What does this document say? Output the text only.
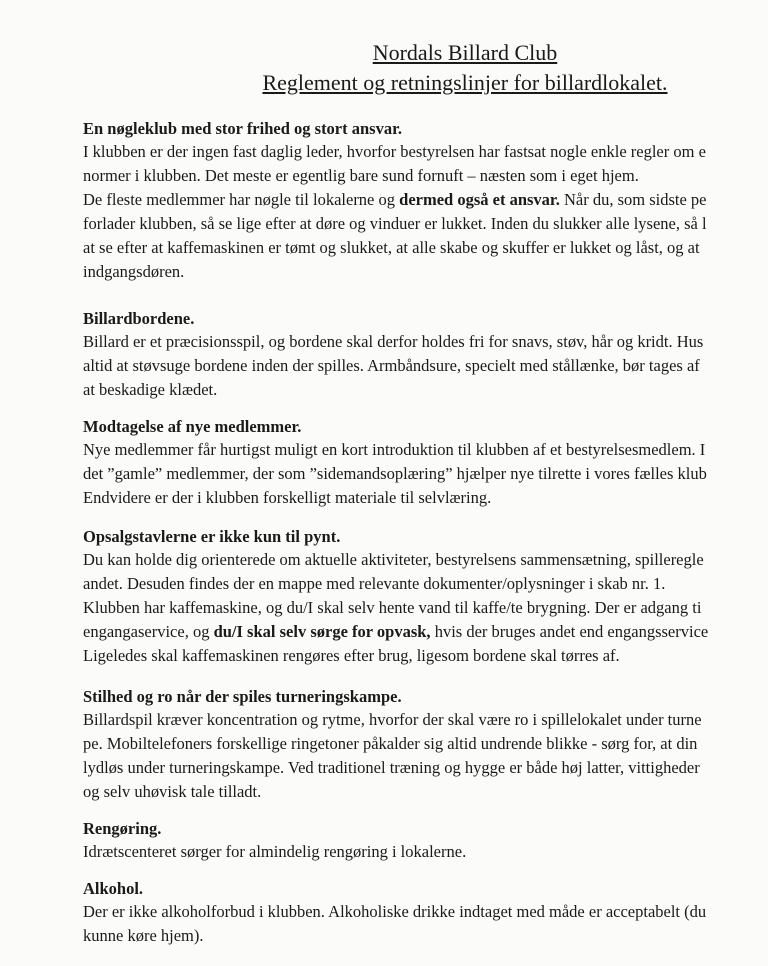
Nordals Billard Club
Reglement og retningslinjer for billardlokalet.
En nøgleklub med stor frihed og stort ansvar.
I klubben er der ingen fast daglig leder, hvorfor bestyrelsen har fastsat nogle enkle regler om e
normer i klubben. Det meste er egentlig bare sund fornuft – næsten som i eget hjem.
De fleste medlemmer har nøgle til lokalerne og dermed også et ansvar. Når du, som sidste pe
forlader klubben, så se lige efter at døre og vinduer er lukket. Inden du slukker alle lysene, så l
at se efter at kaffemaskinen er tømt og slukket, at alle skabe og skuffer er lukket og låst, og at
indgangsdøren.
Billardbordene.
Billard er et præcisionsspil, og bordene skal derfor holdes fri for snavs, støv, hår og kridt. Hus
altid at støvsuge bordene inden der spilles. Armbåndsure, specielt med stållænke, bør tages af
at beskadige klædet.
Modtagelse af nye medlemmer.
Nye medlemmer får hurtigst muligt en kort introduktion til klubben af et bestyrelsesmedlem. I
det ”gamle” medlemmer, der som ”sidemandsoplæring” hjælper nye tilrette i vores fælles klub
Endvidere er der i klubben forskelligt materiale til selvlæring.
Opsalgstavlerne er ikke kun til pynt.
Du kan holde dig orienterede om aktuelle aktiviteter, bestyrelsens sammensætning, spilleregle
andet. Desuden findes der en mappe med relevante dokumenter/oplysninger i skab nr. 1.
Klubben har kaffemaskine, og du/I skal selv hente vand til kaffe/te brygning. Der er adgang ti
engangaservice, og du/I skal selv sørge for opvask, hvis der bruges andet end engangsservice
Ligeledes skal kaffemaskinen rengøres efter brug, ligesom bordene skal tørres af.
Stilhed og ro når der spiles turneringskampe.
Billardspil kræver koncentration og rytme, hvorfor der skal være ro i spillelokalet under turne
pe. Mobiltelefoners forskellige ringetoner påkalder sig altid undrende blikke - sørg for, at din
lydløs under turneringskampe. Ved traditionel træning og hygge er både høj latter, vittigheder
og selv uhøvisk tale tilladt.
Rengøring.
Idrætscenteret sørger for almindelig rengøring i lokalerne.
Alkohol.
Der er ikke alkoholforbud i klubben. Alkoholiske drikke indtaget med måde er acceptabelt (du
kunne køre hjem).
